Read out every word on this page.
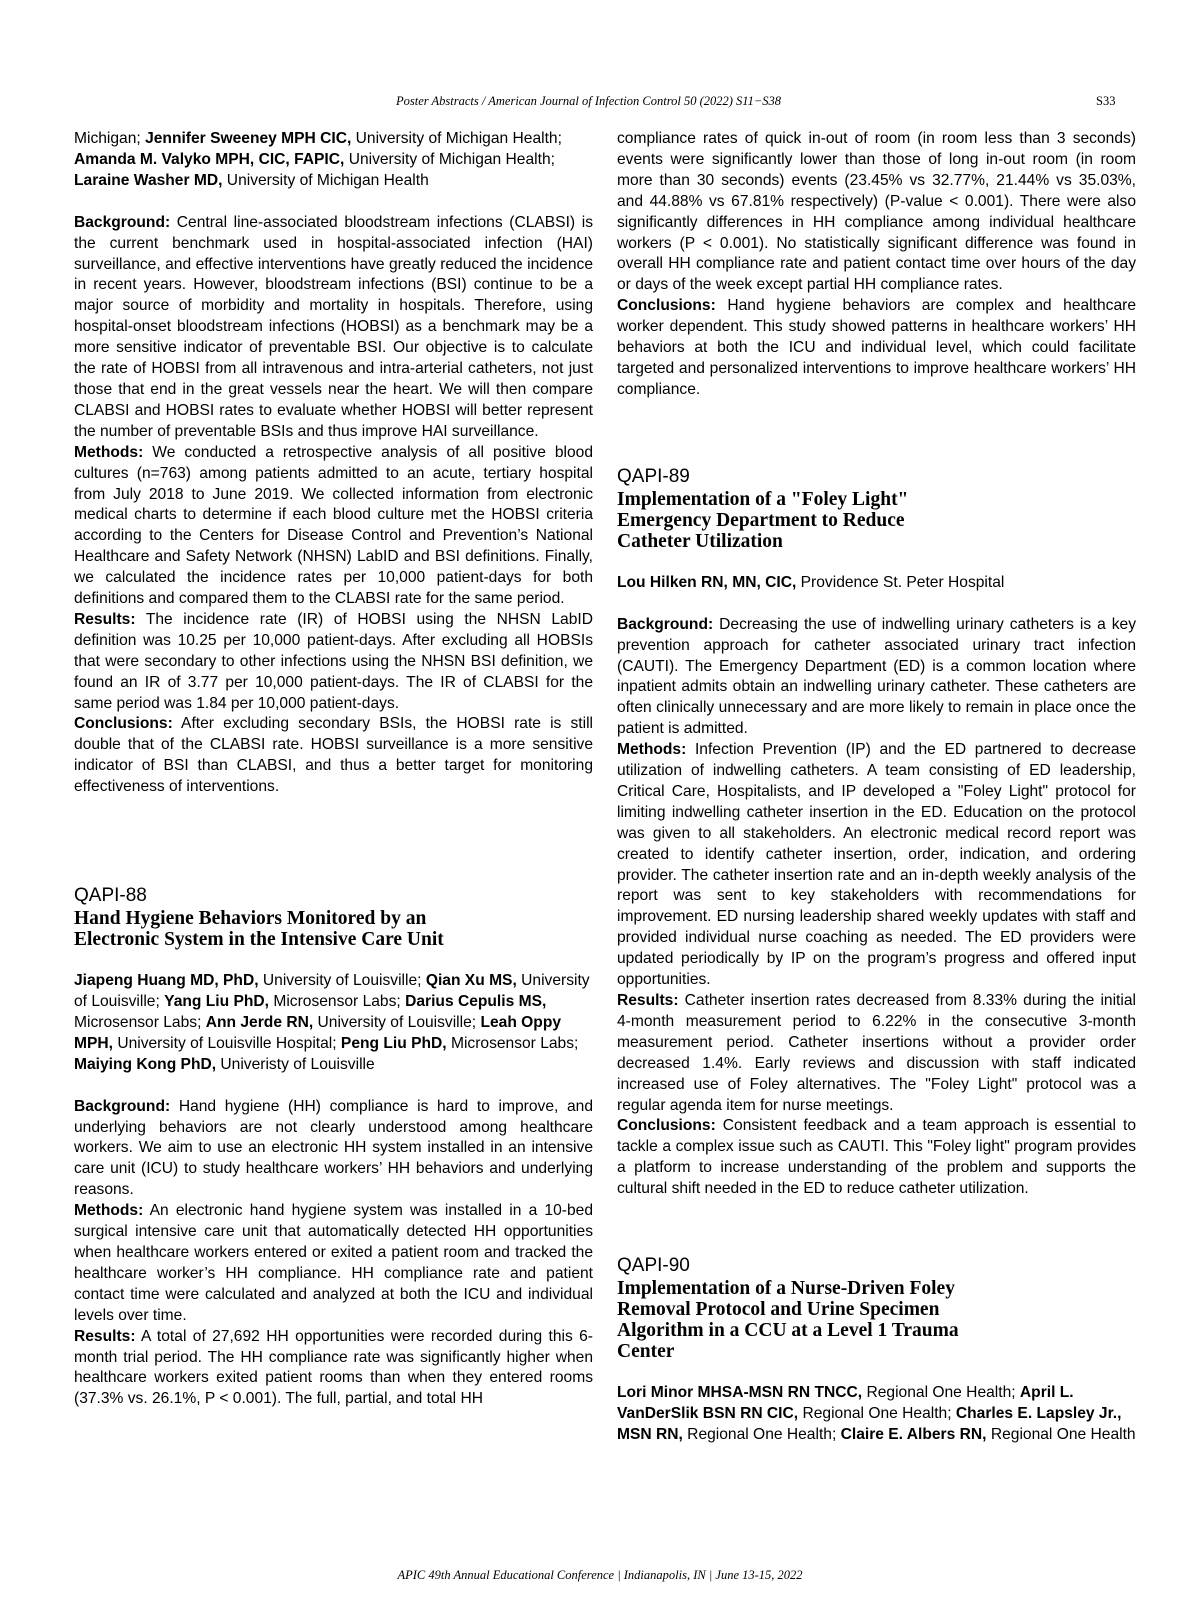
Poster Abstracts / American Journal of Infection Control 50 (2022) S11−S38	S33

Michigan; Jennifer Sweeney MPH CIC, University of Michigan Health; Amanda M. Valyko MPH, CIC, FAPIC, University of Michigan Health; Laraine Washer MD, University of Michigan Health

Background: Central line-associated bloodstream infections (CLABSI) is the current benchmark used in hospital-associated infection (HAI) surveillance, and effective interventions have greatly reduced the incidence in recent years. However, bloodstream infections (BSI) continue to be a major source of morbidity and mortality in hospitals. Therefore, using hospital-onset bloodstream infections (HOBSI) as a benchmark may be a more sensitive indicator of preventable BSI. Our objective is to calculate the rate of HOBSI from all intravenous and intra-arterial catheters, not just those that end in the great vessels near the heart. We will then compare CLABSI and HOBSI rates to evaluate whether HOBSI will better represent the number of preventable BSIs and thus improve HAI surveillance.

Methods: We conducted a retrospective analysis of all positive blood cultures (n=763) among patients admitted to an acute, tertiary hospital from July 2018 to June 2019. We collected information from electronic medical charts to determine if each blood culture met the HOBSI criteria according to the Centers for Disease Control and Prevention’s National Healthcare and Safety Network (NHSN) LabID and BSI definitions. Finally, we calculated the incidence rates per 10,000 patient-days for both definitions and compared them to the CLABSI rate for the same period.

Results: The incidence rate (IR) of HOBSI using the NHSN LabID definition was 10.25 per 10,000 patient-days. After excluding all HOBSIs that were secondary to other infections using the NHSN BSI definition, we found an IR of 3.77 per 10,000 patient-days. The IR of CLABSI for the same period was 1.84 per 10,000 patient-days.

Conclusions: After excluding secondary BSIs, the HOBSI rate is still double that of the CLABSI rate. HOBSI surveillance is a more sensitive indicator of BSI than CLABSI, and thus a better target for monitoring effectiveness of interventions.

QAPI-88

Hand Hygiene Behaviors Monitored by an Electronic System in the Intensive Care Unit

Jiapeng Huang MD, PhD, University of Louisville; Qian Xu MS, University of Louisville; Yang Liu PhD, Microsensor Labs; Darius Cepulis MS, Microsensor Labs; Ann Jerde RN, University of Louisville; Leah Oppy MPH, University of Louisville Hospital; Peng Liu PhD, Microsensor Labs; Maiying Kong PhD, Univeristy of Louisville

Background: Hand hygiene (HH) compliance is hard to improve, and underlying behaviors are not clearly understood among healthcare workers. We aim to use an electronic HH system installed in an intensive care unit (ICU) to study healthcare workers’ HH behaviors and underlying reasons.

Methods: An electronic hand hygiene system was installed in a 10-bed surgical intensive care unit that automatically detected HH opportunities when healthcare workers entered or exited a patient room and tracked the healthcare worker’s HH compliance. HH compliance rate and patient contact time were calculated and analyzed at both the ICU and individual levels over time.

Results: A total of 27,692 HH opportunities were recorded during this 6-month trial period. The HH compliance rate was significantly higher when healthcare workers exited patient rooms than when they entered rooms (37.3% vs. 26.1%, P < 0.001). The full, partial, and total HH

compliance rates of quick in-out of room (in room less than 3 seconds) events were significantly lower than those of long in-out room (in room more than 30 seconds) events (23.45% vs 32.77%, 21.44% vs 35.03%, and 44.88% vs 67.81% respectively) (P-value < 0.001). There were also significantly differences in HH compliance among individual healthcare workers (P < 0.001). No statistically significant difference was found in overall HH compliance rate and patient contact time over hours of the day or days of the week except partial HH compliance rates.

Conclusions: Hand hygiene behaviors are complex and healthcare worker dependent. This study showed patterns in healthcare workers’ HH behaviors at both the ICU and individual level, which could facilitate targeted and personalized interventions to improve healthcare workers’ HH compliance.

QAPI-89

Implementation of a "Foley Light" Emergency Department to Reduce Catheter Utilization

Lou Hilken RN, MN, CIC, Providence St. Peter Hospital

Background: Decreasing the use of indwelling urinary catheters is a key prevention approach for catheter associated urinary tract infection (CAUTI). The Emergency Department (ED) is a common location where inpatient admits obtain an indwelling urinary catheter. These catheters are often clinically unnecessary and are more likely to remain in place once the patient is admitted.

Methods: Infection Prevention (IP) and the ED partnered to decrease utilization of indwelling catheters. A team consisting of ED leadership, Critical Care, Hospitalists, and IP developed a "Foley Light" protocol for limiting indwelling catheter insertion in the ED. Education on the protocol was given to all stakeholders. An electronic medical record report was created to identify catheter insertion, order, indication, and ordering provider. The catheter insertion rate and an in-depth weekly analysis of the report was sent to key stakeholders with recommendations for improvement. ED nursing leadership shared weekly updates with staff and provided individual nurse coaching as needed. The ED providers were updated periodically by IP on the program’s progress and offered input opportunities.

Results: Catheter insertion rates decreased from 8.33% during the initial 4-month measurement period to 6.22% in the consecutive 3-month measurement period. Catheter insertions without a provider order decreased 1.4%. Early reviews and discussion with staff indicated increased use of Foley alternatives. The "Foley Light" protocol was a regular agenda item for nurse meetings.

Conclusions: Consistent feedback and a team approach is essential to tackle a complex issue such as CAUTI. This "Foley light" program provides a platform to increase understanding of the problem and supports the cultural shift needed in the ED to reduce catheter utilization.

QAPI-90

Implementation of a Nurse-Driven Foley Removal Protocol and Urine Specimen Algorithm in a CCU at a Level 1 Trauma Center

Lori Minor MHSA-MSN RN TNCC, Regional One Health; April L. VanDerSlik BSN RN CIC, Regional One Health; Charles E. Lapsley Jr., MSN RN, Regional One Health; Claire E. Albers RN, Regional One Health

APIC 49th Annual Educational Conference | Indianapolis, IN | June 13-15, 2022
